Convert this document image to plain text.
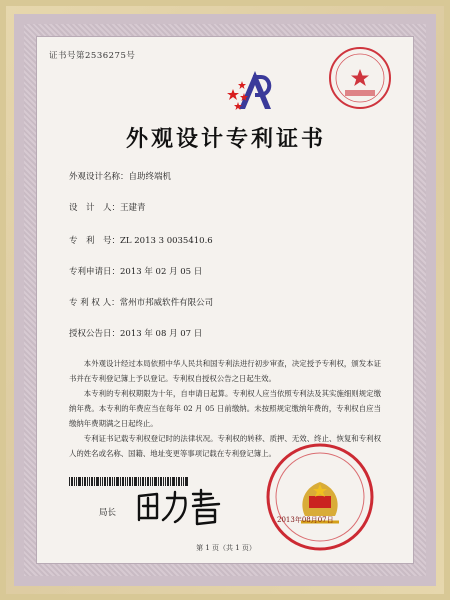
证书号第2536275号
外观设计专利证书
外观设计名称：自助终端机
设　计　人：王建青
专　利　号：ZL 2013 3 0035410.6
专利申请日：2013 年 02 月 05 日
专 利 权 人：常州市邦威软件有限公司
授权公告日：2013 年 08 月 07 日

本外观设计经过本局依照中华人民共和国专利法进行初步审查，决定授予专利权，颁发本证书并在专利登记簿上予以登记。专利权自授权公告之日起生效。

本专利的专利权期限为十年，自申请日起算。专利权人应当依照专利法及其实施细则规定缴纳年费。本专利的年费应当在每年 02 月 05 日前缴纳。未按照规定缴纳年费的，专利权自应当缴纳年费期满之日起终止。

专利证书记载专利权登记时的法律状况。专利权的转移、质押、无效、终止、恢复和专利权人的姓名或名称、国籍、地址变更等事项记载在专利登记簿上。

局长
2013年08月07日
第 1 页（共 1 页）
